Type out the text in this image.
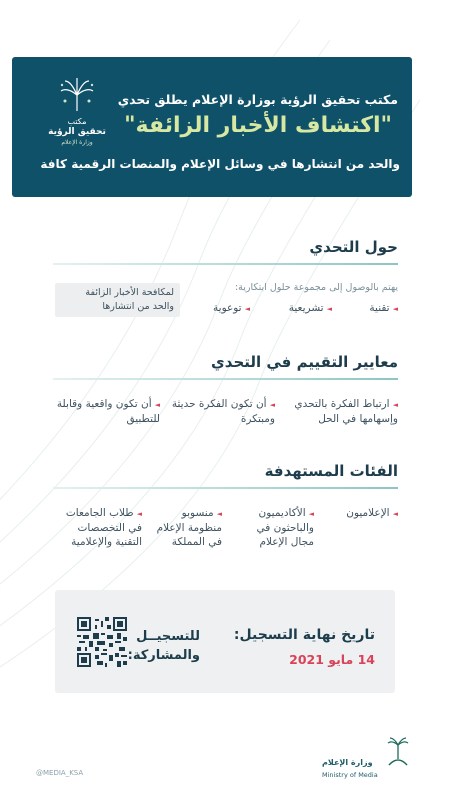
مكتب
تحقيق الرؤية
وزارة الإعلام
مكتب تحقيق الرؤية بوزارة الإعلام يطلق تحدي
"اكتشاف الأخبار الزائفة"
والحد من انتشارها في وسائل الإعلام والمنصات الرقمية كافة
حول التحدي
يهتم بالوصول إلى مجموعة حلول ابتكارية:
◄تقنية
◄تشريعية
◄توعوية
لمكافحة الأخبار الزائفة
والحد من انتشارها
معايير التقييم في التحدي
◄ارتباط الفكرة بالتحدي
وإسهامها في الحل
◄أن تكون الفكرة حديثة
ومبتكرة
◄أن تكون واقعية وقابلة
للتطبيق
الفئات المستهدفة
◄الإعلاميون
◄الأكاديميون
والباحثون في
مجال الإعلام
◄منسوبو
منظومة الإعلام
في المملكة
◄طلاب الجامعات
في التخصصات
التقنية والإعلامية
تاريخ نهاية التسجيل:
14 مايو 2021
للتسجيــل
والمشاركة:
@MEDIA_KSA
وزارة الإعلام
Ministry of Media
